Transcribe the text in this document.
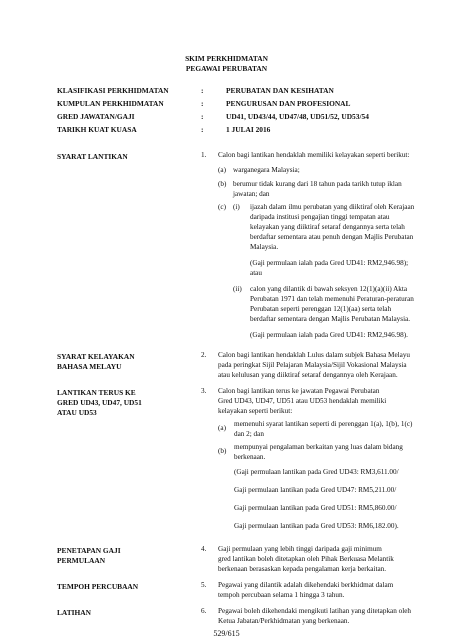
SKIM PERKHIDMATAN
PEGAWAI PERUBATAN
KLASIFIKASI PERKHIDMATAN	:	PERUBATAN DAN KESIHATAN
KUMPULAN PERKHIDMATAN	:	PENGURUSAN DAN PROFESIONAL
GRED JAWATAN/GAJI	:	UD41, UD43/44, UD47/48, UD51/52, UD53/54
TARIKH KUAT KUASA	:	1 JULAI 2016
SYARAT LANTIKAN	1. Calon bagi lantikan hendaklah memiliki kelayakan seperti berikut:
(a) warganegara Malaysia;
(b) berumur tidak kurang dari 18 tahun pada tarikh tutup iklan
jawatan; dan
(c) (i) ijazah dalam ilmu perubatan yang diiktiraf oleh Kerajaan
daripada institusi pengajian tinggi tempatan atau
kelayakan yang diiktiraf setaraf dengannya serta telah
berdaftar sementara atau penuh dengan Majlis Perubatan
Malaysia.
(Gaji permulaan ialah pada Gred UD41: RM2,946.98);
atau
(ii) calon yang dilantik di bawah seksyen 12(1)(a)(ii) Akta
Perubatan 1971 dan telah memenuhi Peraturan-peraturan
Perubatan seperti perenggan 12(1)(aa) serta telah
berdaftar sementara dengan Majlis Perubatan Malaysia.
(Gaji permulaan ialah pada Gred UD41: RM2,946.98).
SYARAT KELAYAKAN
BAHASA MELAYU
2. Calon bagi lantikan hendaklah Lulus dalam subjek Bahasa Melayu
pada peringkat Sijil Pelajaran Malaysia/Sijil Vokasional Malaysia
atau kelulusan yang diiktiraf setaraf dengannya oleh Kerajaan.
LANTIKAN TERUS KE
GRED UD43, UD47, UD51
ATAU UD53
3. Calon bagi lantikan terus ke jawatan Pegawai Perubatan
Gred UD43, UD47, UD51 atau UD53 hendaklah memiliki
kelayakan seperti berikut:
(a) memenuhi syarat lantikan seperti di perenggan 1(a), 1(b), 1(c)
dan 2; dan
(b) mempunyai pengalaman berkaitan yang luas dalam bidang
berkenaan.
(Gaji permulaan lantikan pada Gred UD43: RM3,611.00/
Gaji permulaan lantikan pada Gred UD47: RM5,211.00/
Gaji permulaan lantikan pada Gred UD51: RM5,860.00/
Gaji permulaan lantikan pada Gred UD53: RM6,182.00).
PENETAPAN GAJI
PERMULAAN
4. Gaji permulaan yang lebih tinggi daripada gaji minimum
gred lantikan boleh ditetapkan oleh Pihak Berkuasa Melantik
berkenaan berasaskan kepada pengalaman kerja berkaitan.
TEMPOH PERCUBAAN	5. Pegawai yang dilantik adalah dikehendaki berkhidmat dalam
tempoh percubaan selama 1 hingga 3 tahun.
LATIHAN	6. Pegawai boleh dikehendaki mengikuti latihan yang ditetapkan oleh
Ketua Jabatan/Perkhidmatan yang berkenaan.
529/615
